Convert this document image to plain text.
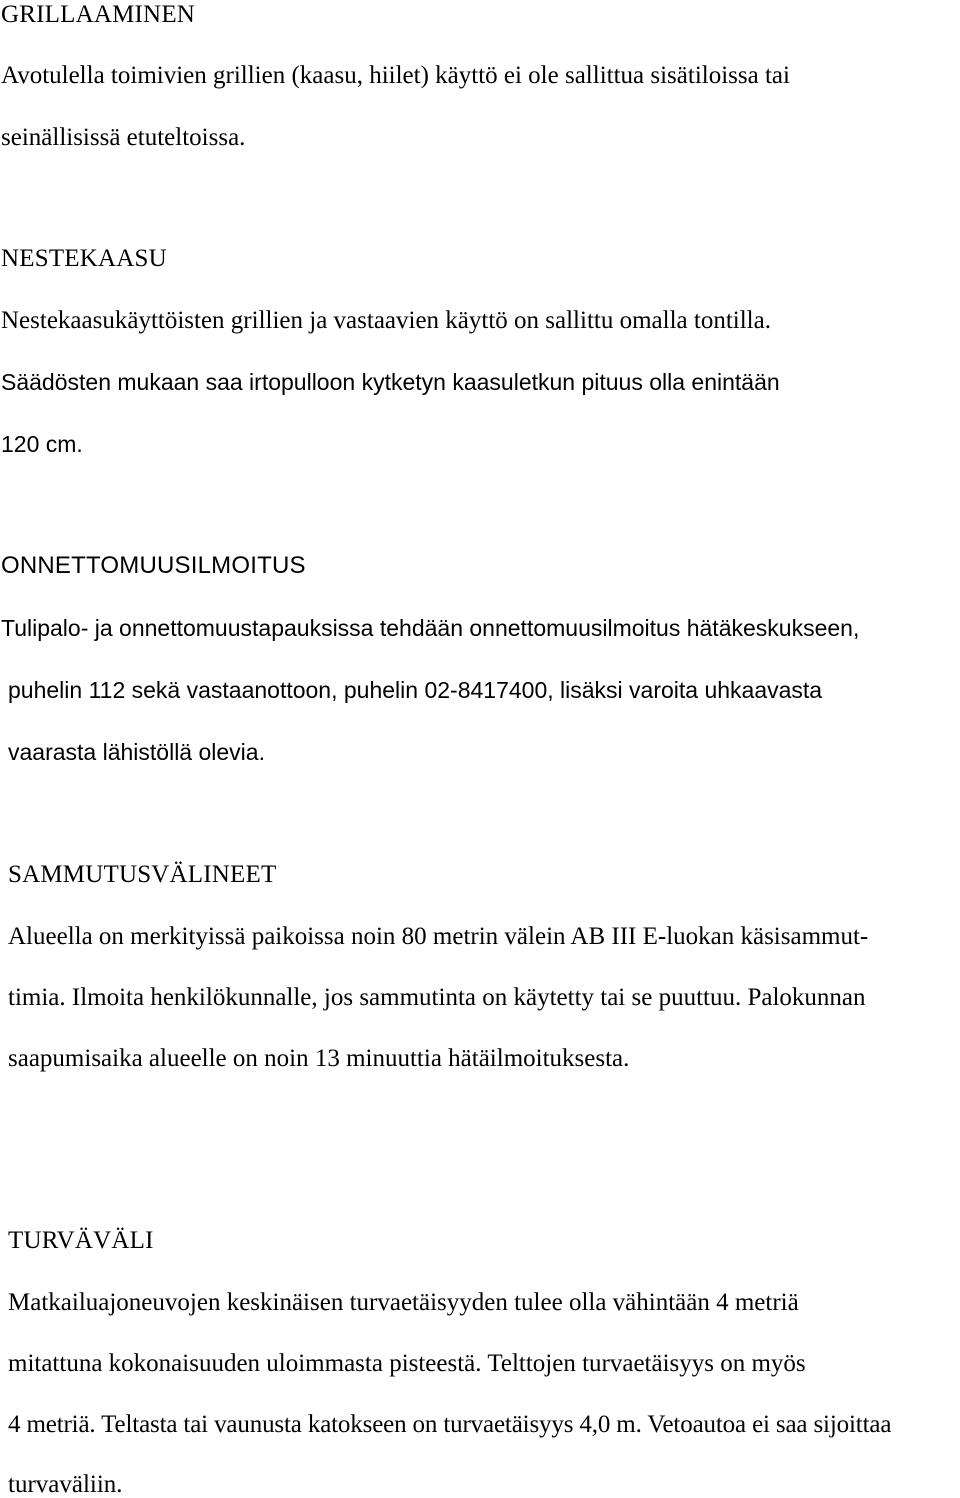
GRILLAAMINEN
Avotulella toimivien grillien (kaasu, hiilet) käyttö ei ole sallittua sisätiloissa tai
seinällisissä etuteltoissa.
NESTEKAASU
Nestekaasukäyttöisten grillien ja vastaavien käyttö on sallittu omalla tontilla.
Säädösten mukaan saa irtopulloon kytketyn kaasuletkun pituus olla enintään
120 cm.
ONNETTOMUUSILMOITUS
Tulipalo- ja onnettomuustapauksissa tehdään onnettomuusilmoitus hätäkeskukseen,
puhelin 112 sekä vastaanottoon, puhelin 02-8417400, lisäksi varoita uhkaavasta
vaarasta lähistöllä olevia.
SAMMUTUSVÄLINEET
Alueella on merkityissä paikoissa noin 80 metrin välein AB III E-luokan käsisammut-
timia. Ilmoita henkilökunnalle, jos sammutinta on käytetty tai se puuttuu. Palokunnan
saapumisaika alueelle on noin 13 minuuttia hätäilmoituksesta.
TURVÄVÄLI
Matkailuajoneuvojen keskinäisen turvaetäisyyden tulee olla vähintään 4 metriä
mitattuna kokonaisuuden uloimmasta pisteestä. Telttojen turvaetäisyys on myös
4 metriä. Teltasta tai vaunusta katokseen on turvaetäisyys 4,0 m. Vetoautoa ei saa sijoittaa
turvaväliin.
